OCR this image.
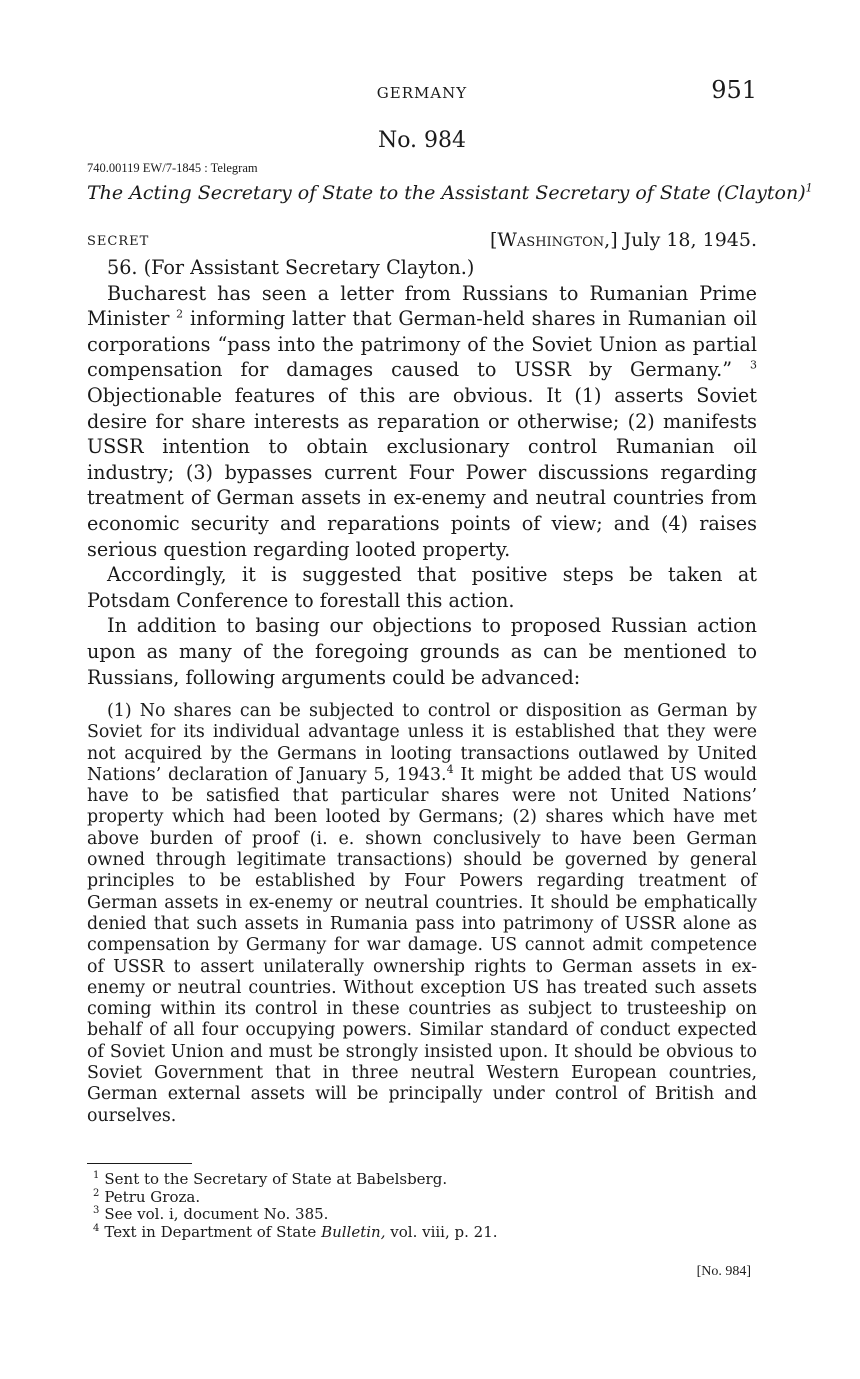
GERMANY	951
No. 984
740.00119 EW/7-1845 : Telegram
The Acting Secretary of State to the Assistant Secretary of State (Clayton)$^1$
SECRET	[Washington,] July 18, 1945.

56. (For Assistant Secretary Clayton.)

Bucharest has seen a letter from Russians to Rumanian Prime Minister $^2$ informing latter that German-held shares in Rumanian oil corporations “pass into the patrimony of the Soviet Union as partial compensation for damages caused to USSR by Germany.” $^3$ Objectionable features of this are obvious. It (1) asserts Soviet desire for share interests as reparation or otherwise; (2) manifests USSR intention to obtain exclusionary control Rumanian oil industry; (3) bypasses current Four Power discussions regarding treatment of German assets in ex-enemy and neutral countries from economic security and reparations points of view; and (4) raises serious question regarding looted property.

Accordingly, it is suggested that positive steps be taken at Potsdam Conference to forestall this action.

In addition to basing our objections to proposed Russian action upon as many of the foregoing grounds as can be mentioned to Russians, following arguments could be advanced:

(1) No shares can be subjected to control or disposition as German by Soviet for its individual advantage unless it is established that they were not acquired by the Germans in looting transactions outlawed by United Nations’ declaration of January 5, 1943.$^4$ It might be added that US would have to be satisfied that particular shares were not United Nations’ property which had been looted by Germans; (2) shares which have met above burden of proof (i. e. shown conclusively to have been German owned through legitimate transactions) should be governed by general principles to be established by Four Powers regarding treatment of German assets in ex-enemy or neutral countries. It should be emphatically denied that such assets in Rumania pass into patrimony of USSR alone as compensation by Germany for war damage. US cannot admit competence of USSR to assert unilaterally ownership rights to German assets in ex-enemy or neutral countries. Without exception US has treated such assets coming within its control in these countries as subject to trusteeship on behalf of all four occupying powers. Similar standard of conduct expected of Soviet Union and must be strongly insisted upon. It should be obvious to Soviet Government that in three neutral Western European countries, German external assets will be principally under control of British and ourselves.

$^1$ Sent to the Secretary of State at Babelsberg.
$^2$ Petru Groza.
$^3$ See vol. i, document No. 385.
$^4$ Text in Department of State Bulletin, vol. viii, p. 21.
[No. 984]
